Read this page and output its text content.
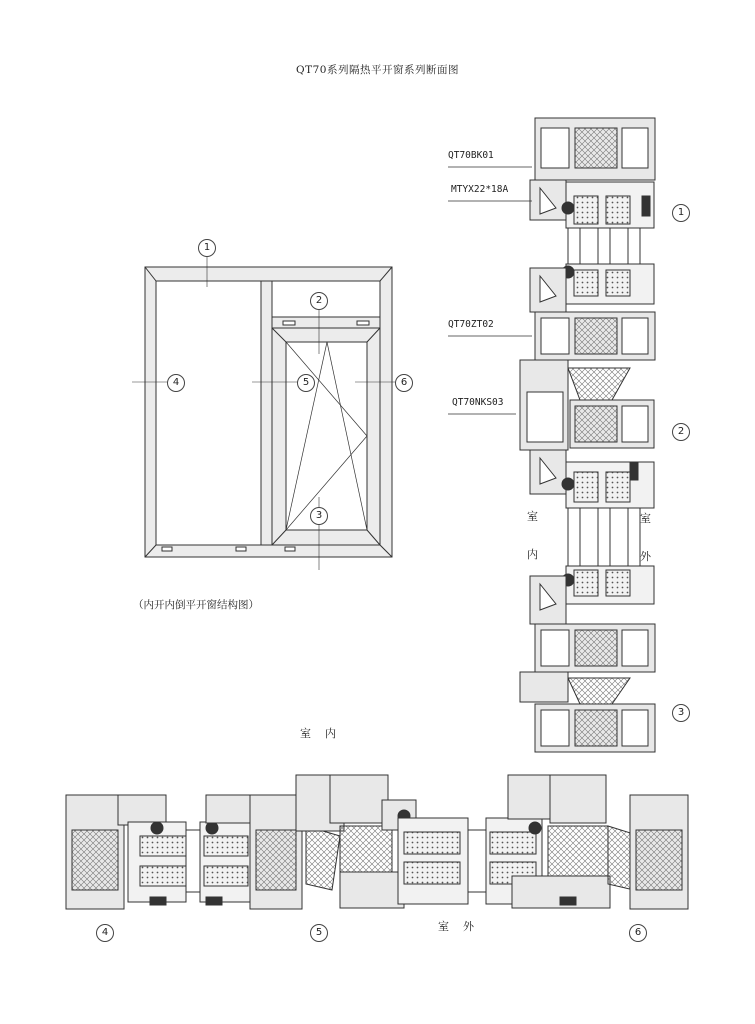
QT70系列隔热平开窗系列断面图
（内开内倒平开窗结构图）
QT70BK01
MTYX22*18A
QT70ZT02
QT70NKS03
室
内
室
外
室内
室外
1
2
3
4	5	6
1
2
3
4	5	6
